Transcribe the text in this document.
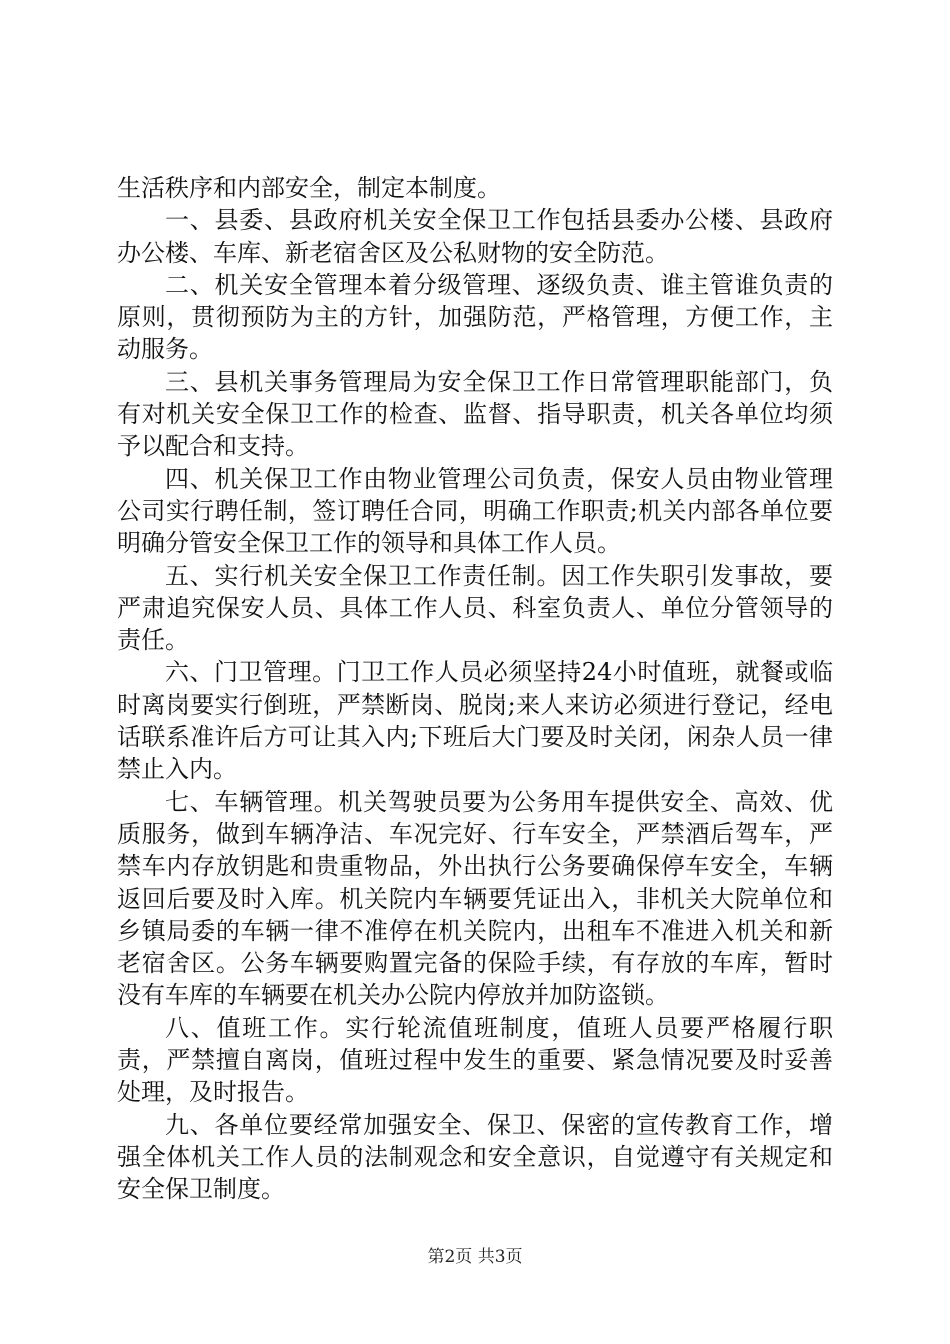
生活秩序和内部安全，制定本制度。

一、县委、县政府机关安全保卫工作包括县委办公楼、县政府办公楼、车库、新老宿舍区及公私财物的安全防范。

二、机关安全管理本着分级管理、逐级负责、谁主管谁负责的原则，贯彻预防为主的方针，加强防范，严格管理，方便工作，主动服务。

三、县机关事务管理局为安全保卫工作日常管理职能部门，负有对机关安全保卫工作的检查、监督、指导职责，机关各单位均须予以配合和支持。

四、机关保卫工作由物业管理公司负责，保安人员由物业管理公司实行聘任制，签订聘任合同，明确工作职责;机关内部各单位要明确分管安全保卫工作的领导和具体工作人员。

五、实行机关安全保卫工作责任制。因工作失职引发事故，要严肃追究保安人员、具体工作人员、科室负责人、单位分管领导的责任。

六、门卫管理。门卫工作人员必须坚持24小时值班，就餐或临时离岗要实行倒班，严禁断岗、脱岗;来人来访必须进行登记，经电话联系准许后方可让其入内;下班后大门要及时关闭，闲杂人员一律禁止入内。

七、车辆管理。机关驾驶员要为公务用车提供安全、高效、优质服务，做到车辆净洁、车况完好、行车安全，严禁酒后驾车，严禁车内存放钥匙和贵重物品，外出执行公务要确保停车安全，车辆返回后要及时入库。机关院内车辆要凭证出入，非机关大院单位和乡镇局委的车辆一律不准停在机关院内，出租车不准进入机关和新老宿舍区。公务车辆要购置完备的保险手续，有存放的车库，暂时没有车库的车辆要在机关办公院内停放并加防盗锁。

八、值班工作。实行轮流值班制度，值班人员要严格履行职责，严禁擅自离岗，值班过程中发生的重要、紧急情况要及时妥善处理，及时报告。

九、各单位要经常加强安全、保卫、保密的宣传教育工作，增强全体机关工作人员的法制观念和安全意识，自觉遵守有关规定和安全保卫制度。

第2页 共3页
